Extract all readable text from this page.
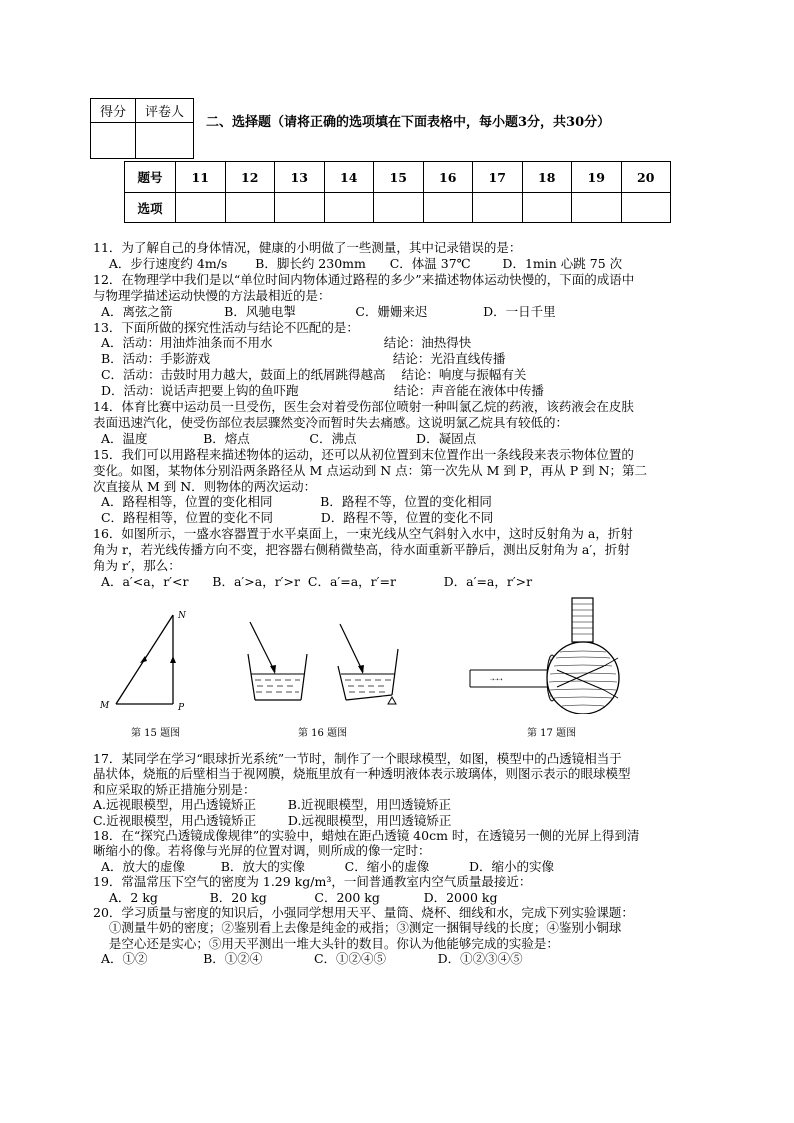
得分	评卷人

二、选择题（请将正确的选项填在下面表格中，每小题3分，共30分）
题号	11	12	13	14	15	16	17	18	19	20
选项										
11．为了解自己的身体情况，健康的小明做了一些测量，其中记录错误的是：
A．步行速度约 4m/s       B．脚长约 230mm      C．体温 37℃        D．1min 心跳 75 次
12．在物理学中我们是以“单位时间内物体通过路程的多少”来描述物体运动快慢的，下面的成语中
与物理学描述运动快慢的方法最相近的是：
A．离弦之箭             B．风驰电掣               C．姗姗来迟              D．一日千里
13．下面所做的探究性活动与结论不匹配的是：
A．活动：用油炸油条而不用水                            结论：油热得快
B．活动：手影游戏                                              结论：光沿直线传播
C．活动：击鼓时用力越大，鼓面上的纸屑跳得越高    结论：响度与振幅有关
D．活动：说话声把要上钩的鱼吓跑                        结论：声音能在液体中传播
14．体育比赛中运动员一旦受伤，医生会对着受伤部位喷射一种叫氯乙烷的药液，该药液会在皮肤
表面迅速汽化，使受伤部位表层骤然变冷而暂时失去痛感。这说明氯乙烷具有较低的：
A．温度              B．熔点               C．沸点               D．凝固点
15．我们可以用路程来描述物体的运动，还可以从初位置到末位置作出一条线段来表示物体位置的
变化。如图，某物体分别沿两条路径从 M 点运动到 N 点：第一次先从 M 到 P，再从 P 到 N；第二
次直接从 M 到 N．则物体的两次运动：
A．路程相等，位置的变化相同            B．路程不等，位置的变化相同
C．路程相等，位置的变化不同            D．路程不等，位置的变化不同
16．如图所示，一盛水容器置于水平桌面上，一束光线从空气斜射入水中，这时反射角为 a，折射
角为 r，若光线传播方向不变，把容器右侧稍微垫高，待水面重新平静后，测出反射角为 a′，折射
角为 r′，那么：
A．a′<a，r′<r      B．a′>a，r′>r  C．a′=a，r′=r            D．a′=a，r′>r
N
M	P
⇢⇢⇢
第 15 题图	第 16 题图	第 17 题图
17．某同学在学习“眼球折光系统”一节时，制作了一个眼球模型，如图，模型中的凸透镜相当于
晶状体，烧瓶的后壁相当于视网膜，烧瓶里放有一种透明液体表示玻璃体，则图示表示的眼球模型
和应采取的矫正措施分别是：
A.远视眼模型，用凸透镜矫正        B.近视眼模型，用凹透镜矫正
C.近视眼模型，用凸透镜矫正        D.远视眼模型，用凹透镜矫正
18．在“探究凸透镜成像规律”的实验中，蜡烛在距凸透镜 40cm 时，在透镜另一侧的光屏上得到清
晰缩小的像。若将像与光屏的位置对调，则所成的像一定时：
A．放大的虚像         B．放大的实像          C．缩小的虚像          D．缩小的实像
19．常温常压下空气的密度为 1.29 kg/m³，一间普通教室内空气质量最接近：
A．2 kg             B．20 kg            C．200 kg           D．2000 kg
20．学习质量与密度的知识后，小强同学想用天平、量筒、烧杯、细线和水，完成下列实验课题：
①测量牛奶的密度；②鉴别看上去像是纯金的戒指；③测定一捆铜导线的长度；④鉴别小铜球
是空心还是实心；⑤用天平测出一堆大头针的数目。你认为他能够完成的实验是：
A．①②              B．①②④             C．①②④⑤             D．①②③④⑤
